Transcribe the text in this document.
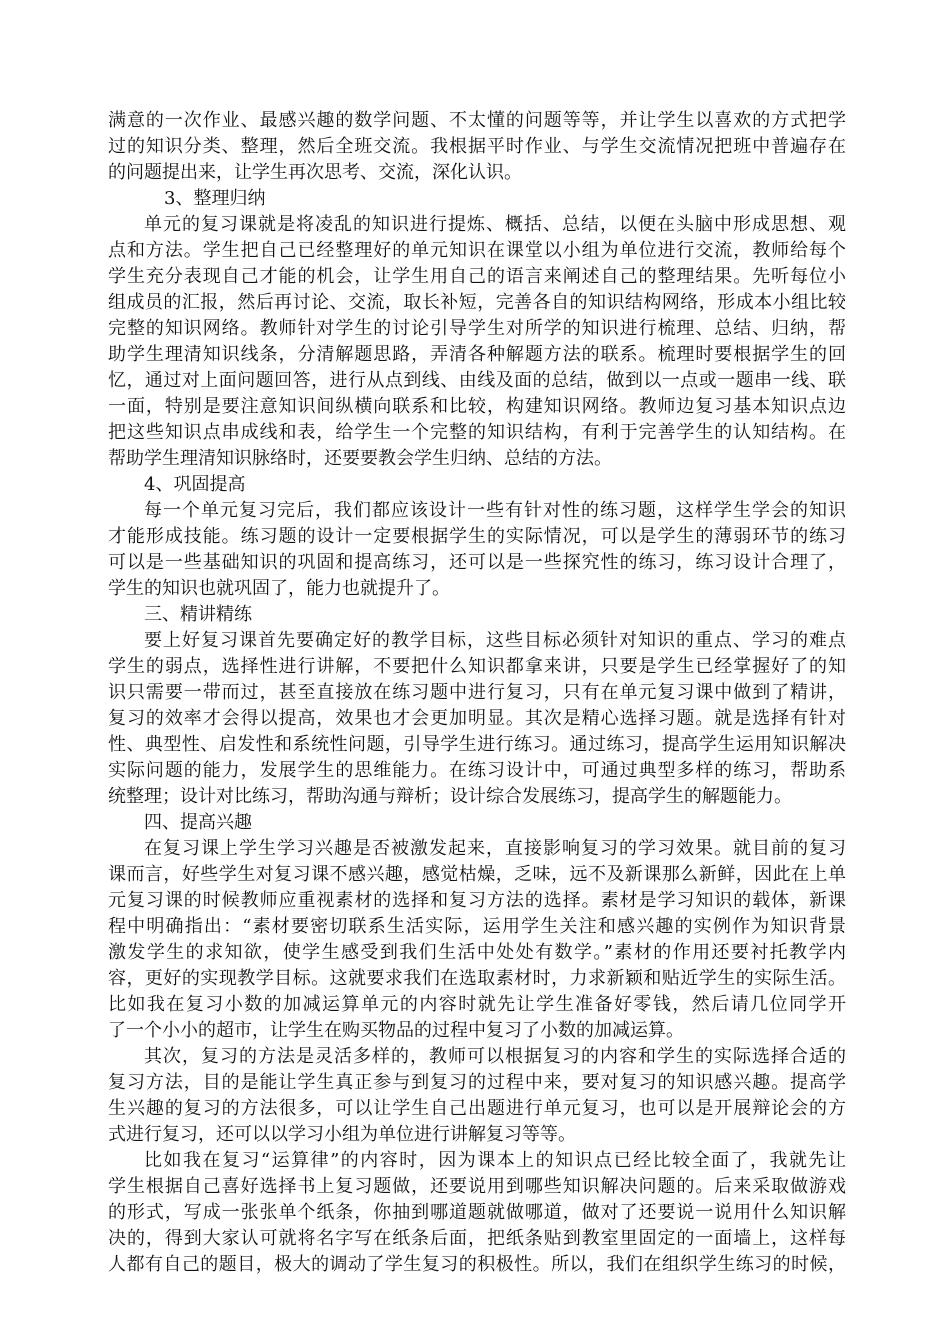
满意的一次作业、最感兴趣的数学问题、不太懂的问题等等，并让学生以喜欢的方式把学
过的知识分类、整理，然后全班交流。我根据平时作业、与学生交流情况把班中普遍存在
的问题提出来，让学生再次思考、交流，深化认识。
3、整理归纳
单元的复习课就是将凌乱的知识进行提炼、概括、总结，以便在头脑中形成思想、观
点和方法。学生把自己已经整理好的单元知识在课堂以小组为单位进行交流，教师给每个
学生充分表现自己才能的机会，让学生用自己的语言来阐述自己的整理结果。先听每位小
组成员的汇报，然后再讨论、交流，取长补短，完善各自的知识结构网络，形成本小组比较
完整的知识网络。教师针对学生的讨论引导学生对所学的知识进行梳理、总结、归纳，帮
助学生理清知识线条，分清解题思路，弄清各种解题方法的联系。梳理时要根据学生的回
忆，通过对上面问题回答，进行从点到线、由线及面的总结，做到以一点或一题串一线、联
一面，特别是要注意知识间纵横向联系和比较，构建知识网络。教师边复习基本知识点边
把这些知识点串成线和表，给学生一个完整的知识结构，有利于完善学生的认知结构。在
帮助学生理清知识脉络时，还要要教会学生归纳、总结的方法。
4、巩固提高
每一个单元复习完后，我们都应该设计一些有针对性的练习题，这样学生学会的知识
才能形成技能。练习题的设计一定要根据学生的实际情况，可以是学生的薄弱环节的练习
可以是一些基础知识的巩固和提高练习，还可以是一些探究性的练习，练习设计合理了，
学生的知识也就巩固了，能力也就提升了。
三、精讲精练
要上好复习课首先要确定好的教学目标，这些目标必须针对知识的重点、学习的难点
学生的弱点，选择性进行讲解，不要把什么知识都拿来讲，只要是学生已经掌握好了的知
识只需要一带而过，甚至直接放在练习题中进行复习，只有在单元复习课中做到了精讲，
复习的效率才会得以提高，效果也才会更加明显。其次是精心选择习题。就是选择有针对
性、典型性、启发性和系统性问题，引导学生进行练习。通过练习，提高学生运用知识解决
实际问题的能力，发展学生的思维能力。在练习设计中，可通过典型多样的练习，帮助系
统整理；设计对比练习，帮助沟通与辩析；设计综合发展练习，提高学生的解题能力。
四、提高兴趣
在复习课上学生学习兴趣是否被激发起来，直接影响复习的学习效果。就目前的复习
课而言，好些学生对复习课不感兴趣，感觉枯燥，乏味，远不及新课那么新鲜，因此在上单
元复习课的时候教师应重视素材的选择和复习方法的选择。素材是学习知识的载体，新课
程中明确指出：“素材要密切联系生活实际，运用学生关注和感兴趣的实例作为知识背景
激发学生的求知欲，使学生感受到我们生活中处处有数学。”素材的作用还要衬托教学内
容，更好的实现教学目标。这就要求我们在选取素材时，力求新颖和贴近学生的实际生活。
比如我在复习小数的加减运算单元的内容时就先让学生准备好零钱，然后请几位同学开
了一个小小的超市，让学生在购买物品的过程中复习了小数的加减运算。
其次，复习的方法是灵活多样的，教师可以根据复习的内容和学生的实际选择合适的
复习方法，目的是能让学生真正参与到复习的过程中来，要对复习的知识感兴趣。提高学
生兴趣的复习的方法很多，可以让学生自己出题进行单元复习，也可以是开展辩论会的方
式进行复习，还可以以学习小组为单位进行讲解复习等等。
比如我在复习“运算律”的内容时，因为课本上的知识点已经比较全面了，我就先让
学生根据自己喜好选择书上复习题做，还要说用到哪些知识解决问题的。后来采取做游戏
的形式，写成一张张单个纸条，你抽到哪道题就做哪道，做对了还要说一说用什么知识解
决的，得到大家认可就将名字写在纸条后面，把纸条贴到教室里固定的一面墙上，这样每
人都有自己的题目，极大的调动了学生复习的积极性。所以，我们在组织学生练习的时候，
